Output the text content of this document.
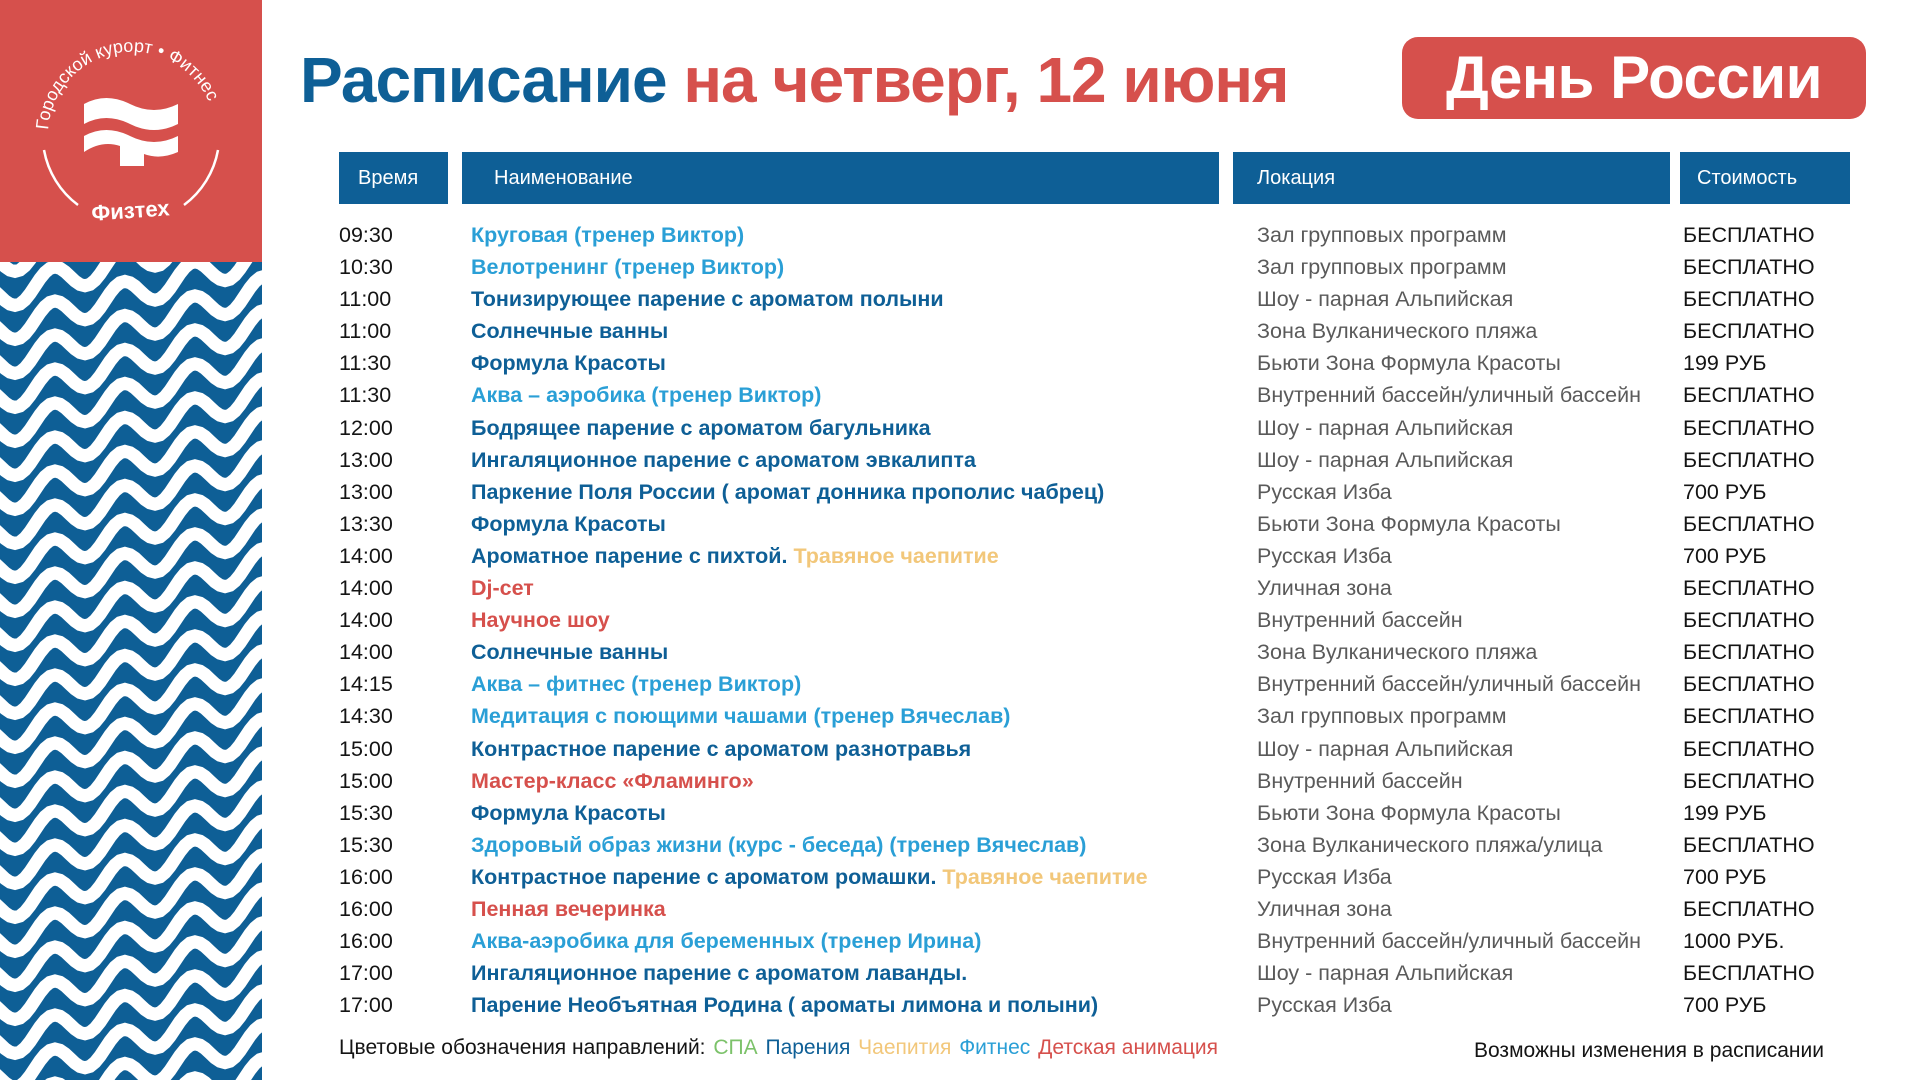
Городской курорт • Фитнес
Физтех
Расписание на четверг, 12 июня	День России
Время	Наименование	Локация	Стоимость
09:30	Круговая (тренер Виктор)	Зал групповых программ	БЕСПЛАТНО
10:30	Велотренинг (тренер Виктор)	Зал групповых программ	БЕСПЛАТНО
11:00	Тонизирующее парение с ароматом полыни	Шоу - парная Альпийская	БЕСПЛАТНО
11:00	Солнечные ванны	Зона Вулканического пляжа	БЕСПЛАТНО
11:30	Формула Красоты	Бьюти Зона Формула Красоты	199 РУБ
11:30	Аква – аэробика (тренер Виктор)	Внутренний бассейн/уличный бассейн БЕСПЛАТНО
12:00	Бодрящее парение с ароматом багульника	Шоу - парная Альпийская	БЕСПЛАТНО
13:00	Ингаляционное парение с ароматом эвкалипта	Шоу - парная Альпийская	БЕСПЛАТНО
13:00	Паркение Поля России ( аромат донника прополис чабрец)	Русская Изба	700 РУБ
13:30	Формула Красоты	Бьюти Зона Формула Красоты	БЕСПЛАТНО
14:00	Ароматное парение с пихтой. Травяное чаепитие	Русская Изба	700 РУБ
14:00	Dj-сет	Уличная зона	БЕСПЛАТНО
14:00	Научное шоу	Внутренний бассейн	БЕСПЛАТНО
14:00	Солнечные ванны	Зона Вулканического пляжа	БЕСПЛАТНО
14:15	Аква – фитнес (тренер Виктор)	Внутренний бассейн/уличный бассейн БЕСПЛАТНО
14:30	Медитация с поющими чашами (тренер Вячеслав)	Зал групповых программ	БЕСПЛАТНО
15:00	Контрастное парение с ароматом разнотравья	Шоу - парная Альпийская	БЕСПЛАТНО
15:00	Мастер-класс «Фламинго»	Внутренний бассейн	БЕСПЛАТНО
15:30	Формула Красоты	Бьюти Зона Формула Красоты	199 РУБ
15:30	Здоровый образ жизни (курс - беседа) (тренер Вячеслав)	Зона Вулканического пляжа/улица	БЕСПЛАТНО
16:00	Контрастное парение с ароматом ромашки. Травяное чаепитие	Русская Изба	700 РУБ
16:00	Пенная вечеринка	Уличная зона	БЕСПЛАТНО
16:00	Аква-аэробика для беременных (тренер Ирина)	Внутренний бассейн/уличный бассейн 1000 РУБ.
17:00	Ингаляционное парение с ароматом лаванды.	Шоу - парная Альпийская	БЕСПЛАТНО
17:00	Парение Необъятная Родина ( ароматы лимона и полыни)	Русская Изба	700 РУБ
Цветовые обозначения направлений: СПА Парения Чаепития Фитнес Детская анимация	Возможны изменения в расписании
